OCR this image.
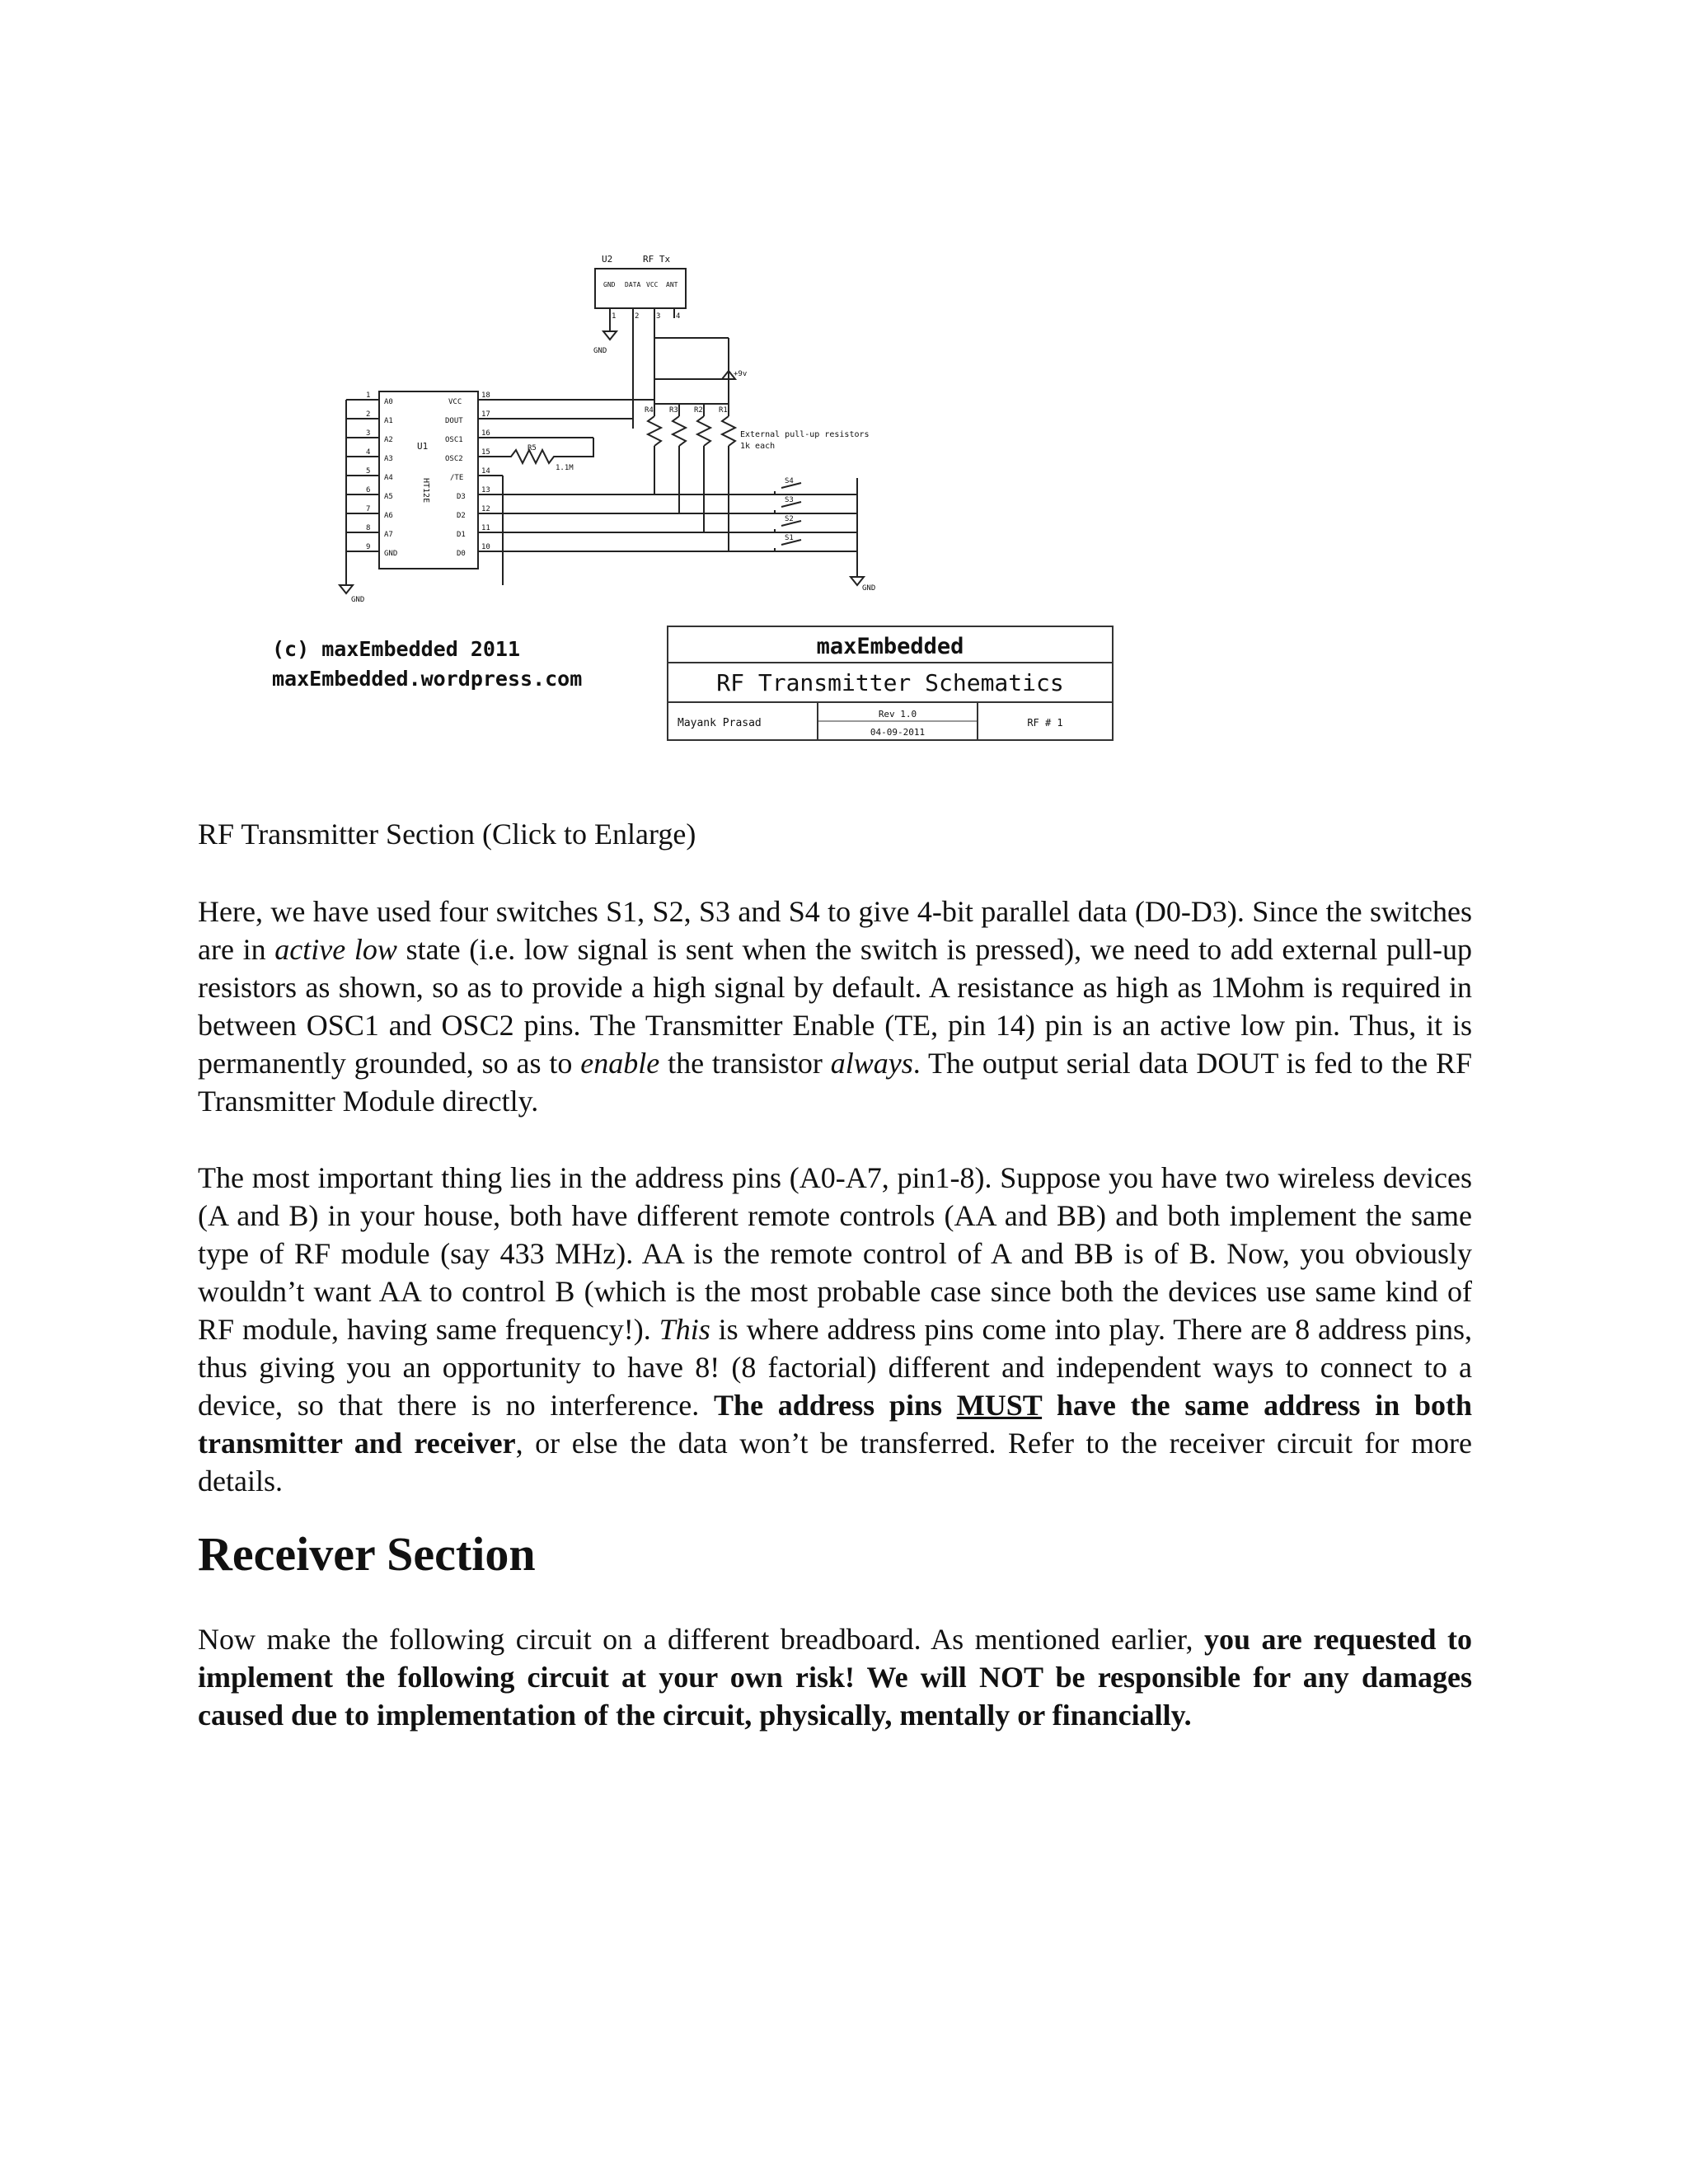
U2	RF Tx
GND DATA VCC ANT
1	2 3 4
GND
+9v
U1
HT12E
A0
A1
A2
A3
A4
A5
A6
A7
GND
1
2
3
4
5
6
7
8
9
VCC
DOUT
OSC1
OSC2
/TE
D3
D2
D1
D0
18
17
16
15
14
13
12
11
10
R5
1.1M
R4 R3 R2 R1
External pull-up resistors
1k each
S4
S3
S2
S1
GND
GND
(c) maxEmbedded 2011
maxEmbedded.wordpress.com
maxEmbedded
RF Transmitter Schematics
Mayank Prasad
Rev 1.0
04-09-2011
RF # 1
RF Transmitter Section (Click to Enlarge)

Here, we have used four switches S1, S2, S3 and S4 to give 4-bit parallel data (D0-D3). Since the switches are in active low state (i.e. low signal is sent when the switch is pressed), we need to add external pull-up resistors as shown, so as to provide a high signal by default. A resistance as high as 1Mohm is required in between OSC1 and OSC2 pins. The Transmitter Enable (TE, pin 14) pin is an active low pin. Thus, it is permanently grounded, so as to enable the transistor always. The output serial data DOUT is fed to the RF Transmitter Module directly.

The most important thing lies in the address pins (A0-A7, pin1-8). Suppose you have two wireless devices (A and B) in your house, both have different remote controls (AA and BB) and both implement the same type of RF module (say 433 MHz). AA is the remote control of A and BB is of B. Now, you obviously wouldn’t want AA to control B (which is the most probable case since both the devices use same kind of RF module, having same frequency!). This is where address pins come into play. There are 8 address pins, thus giving you an opportunity to have 8! (8 factorial) different and independent ways to connect to a device, so that there is no interference. The address pins MUST have the same address in both transmitter and receiver, or else the data won’t be transferred. Refer to the receiver circuit for more details.

Receiver Section

Now make the following circuit on a different breadboard. As mentioned earlier, you are requested to implement the following circuit at your own risk! We will NOT be responsible for any damages caused due to implementation of the circuit, physically, mentally or financially.
